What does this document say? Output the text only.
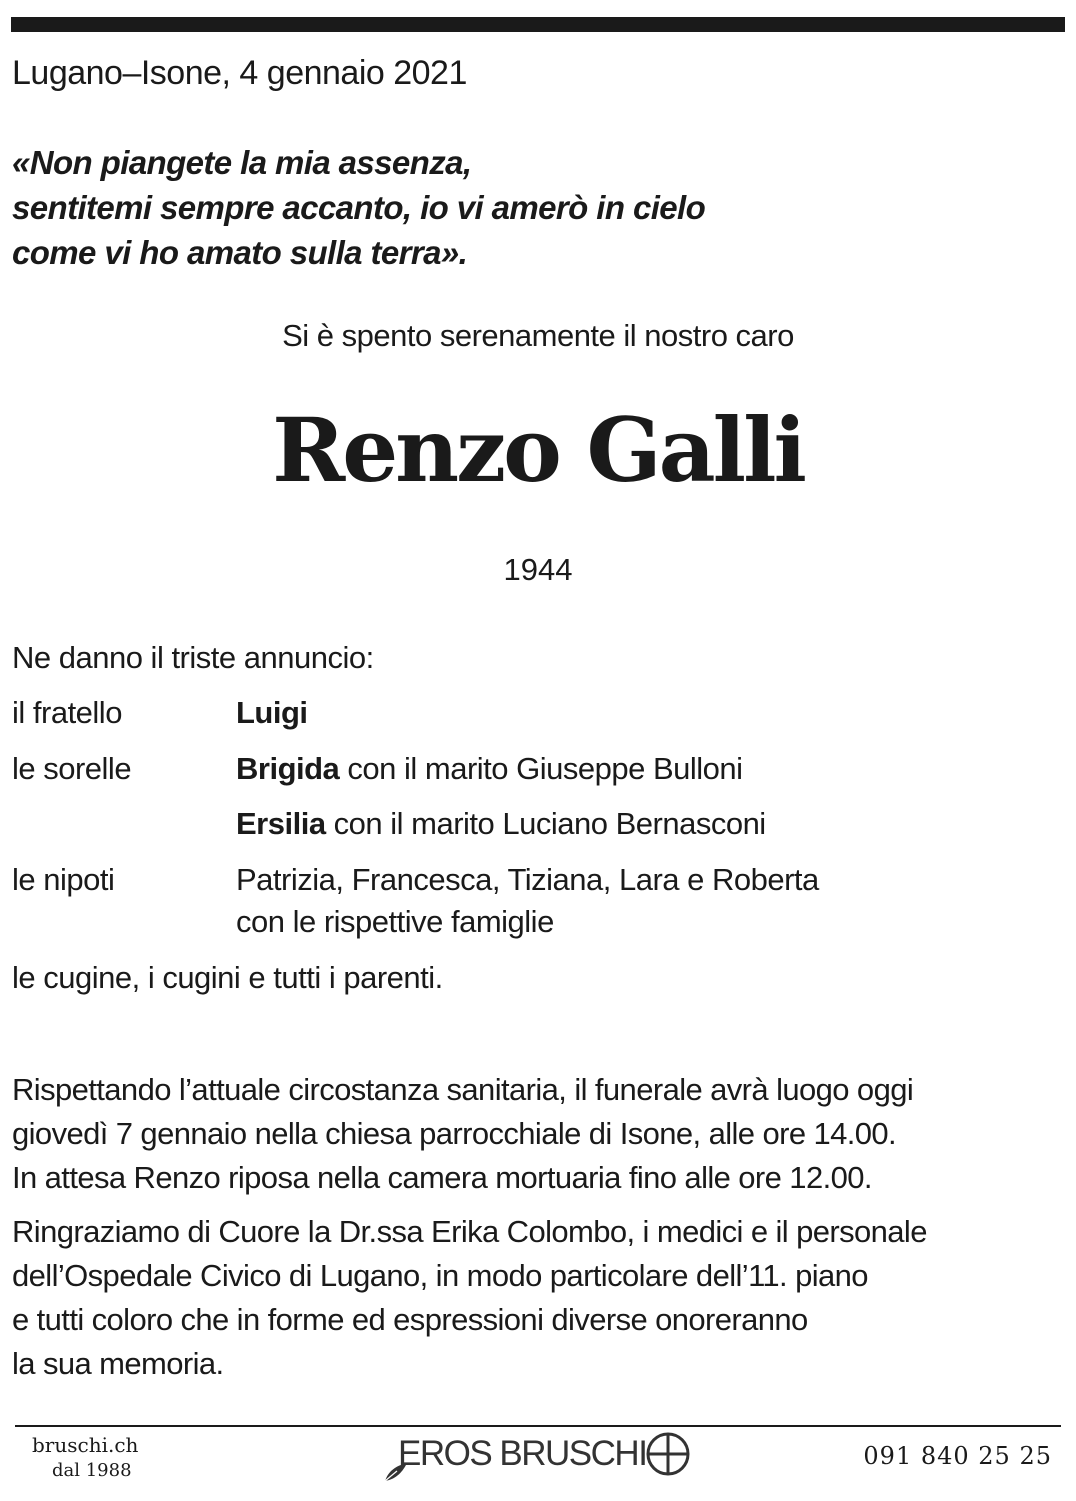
Lugano–Isone, 4 gennaio 2021
«Non piangete la mia assenza,
sentitemi sempre accanto, io vi amerò in cielo
come vi ho amato sulla terra».
Si è spento serenamente il nostro caro
Renzo Galli
1944
Ne danno il triste annuncio:
il fratello	Luigi
le sorelle	Brigida con il marito Giuseppe Bulloni
Ersilia con il marito Luciano Bernasconi
le nipoti	Patrizia, Francesca, Tiziana, Lara e Roberta
con le rispettive famiglie
le cugine, i cugini e tutti i parenti.
Rispettando l’attuale circostanza sanitaria, il funerale avrà luogo oggi
giovedì 7 gennaio nella chiesa parrocchiale di Isone, alle ore 14.00.
In attesa Renzo riposa nella camera mortuaria fino alle ore 12.00.
Ringraziamo di Cuore la Dr.ssa Erika Colombo, i medici e il personale
dell’Ospedale Civico di Lugano, in modo particolare dell’11. piano
e tutti coloro che in forme ed espressioni diverse onoreranno
la sua memoria.
bruschi.ch
dal 1988	EROS BRUSCHI	091 840 25 25
